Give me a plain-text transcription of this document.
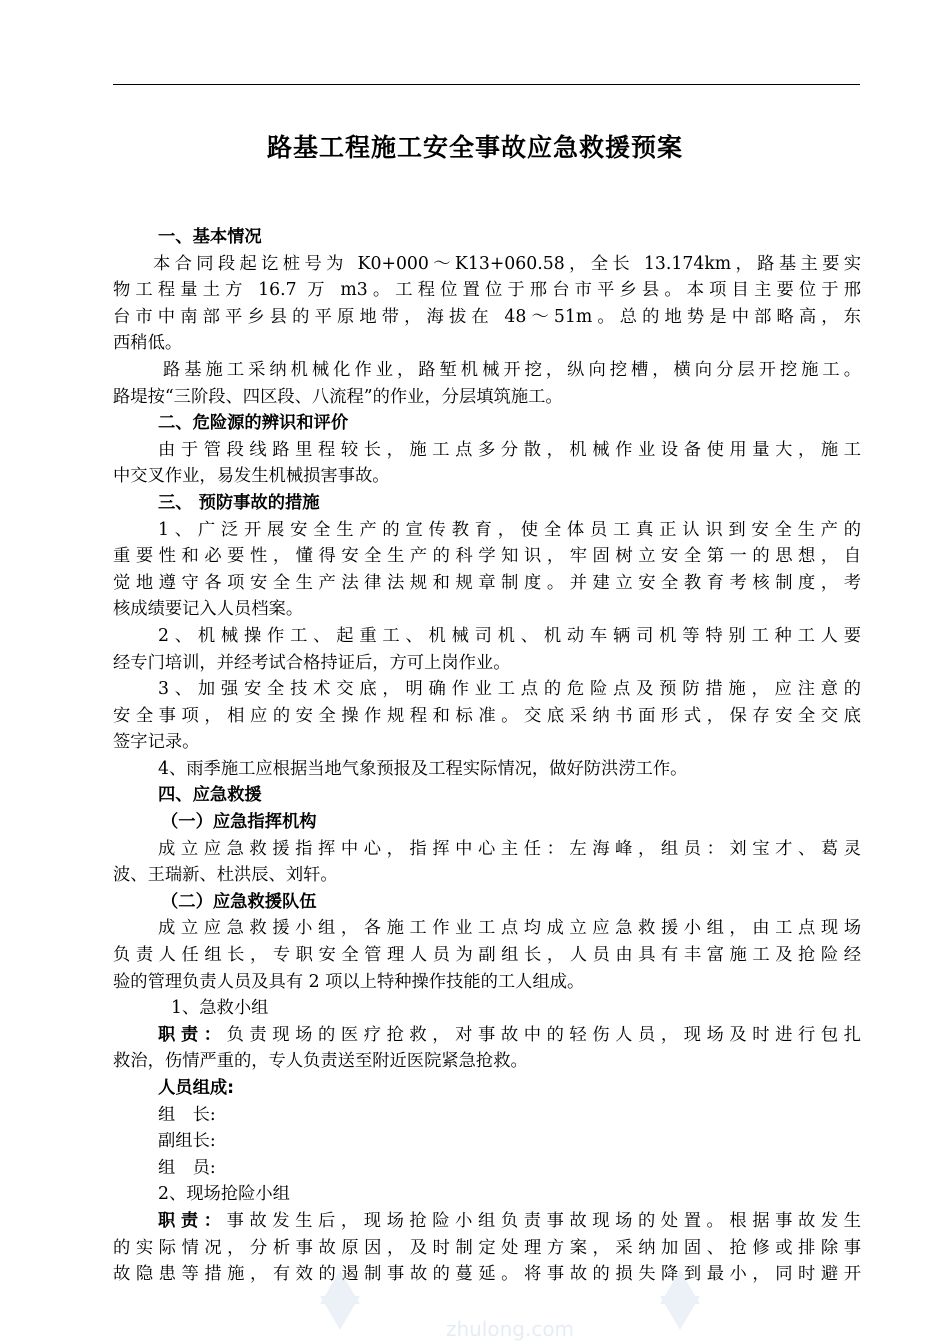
路基工程施工安全事故应急救援预案
一、基本情况
本合同段起讫桩号为 K0+000～K13+060.58，全长 13.174km，路基主要实
物工程量土方 16.7 万 m3。工程位置位于邢台市平乡县。本项目主要位于邢
台市中南部平乡县的平原地带，海拔在 48～51m。总的地势是中部略高，东
西稍低。
路基施工采纳机械化作业，路堑机械开挖，纵向挖槽，横向分层开挖施工。
路堤按“三阶段、四区段、八流程”的作业，分层填筑施工。
二、危险源的辨识和评价
由于管段线路里程较长，施工点多分散，机械作业设备使用量大，施工
中交叉作业，易发生机械损害事故。
三、 预防事故的措施
1、广泛开展安全生产的宣传教育，使全体员工真正认识到安全生产的
重要性和必要性，懂得安全生产的科学知识，牢固树立安全第一的思想，自
觉地遵守各项安全生产法律法规和规章制度。并建立安全教育考核制度，考
核成绩要记入人员档案。
2、机械操作工、起重工、机械司机、机动车辆司机等特别工种工人要
经专门培训，并经考试合格持证后，方可上岗作业。
3、加强安全技术交底，明确作业工点的危险点及预防措施，应注意的
安全事项，相应的安全操作规程和标准。交底采纳书面形式，保存安全交底
签字记录。
4、雨季施工应根据当地气象预报及工程实际情况，做好防洪涝工作。
四、应急救援
（一）应急指挥机构
成立应急救援指挥中心，指挥中心主任：左海峰，组员：刘宝才、葛灵
波、王瑞新、杜洪辰、刘轩。
（二）应急救援队伍
成立应急救援小组，各施工作业工点均成立应急救援小组，由工点现场
负责人任组长，专职安全管理人员为副组长，人员由具有丰富施工及抢险经
验的管理负责人员及具有 2 项以上特种操作技能的工人组成。
1、急救小组
职责：负责现场的医疗抢救，对事故中的轻伤人员，现场及时进行包扎
救治，伤情严重的，专人负责送至附近医院紧急抢救。
人员组成:
组　长:
副组长:
组　员:
2、现场抢险小组
职责：事故发生后，现场抢险小组负责事故现场的处置。根据事故发生
的实际情况，分析事故原因，及时制定处理方案，采纳加固、抢修或排除事
故隐患等措施，有效的遏制事故的蔓延。将事故的损失降到最小，同时避开
zhulong.com
